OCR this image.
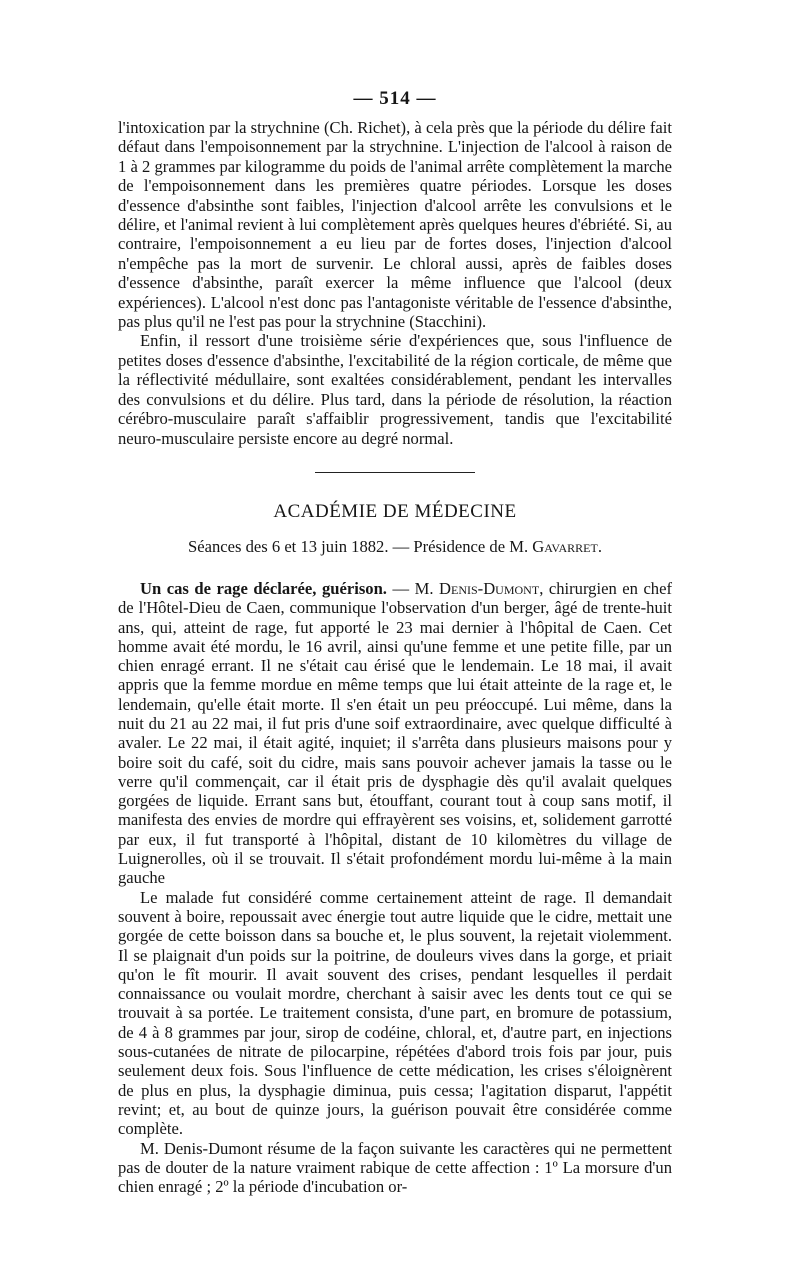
— 514 —

l'intoxication par la strychnine (Ch. Richet), à cela près que la période du délire fait défaut dans l'empoisonnement par la strychnine. L'injection de l'alcool à raison de 1 à 2 grammes par kilogramme du poids de l'animal arrête complètement la marche de l'empoisonnement dans les premières quatre périodes. Lorsque les doses d'essence d'absinthe sont faibles, l'injection d'alcool arrête les convulsions et le délire, et l'animal revient à lui complètement après quelques heures d'ébriété. Si, au contraire, l'empoisonnement a eu lieu par de fortes doses, l'injection d'alcool n'empêche pas la mort de survenir. Le chloral aussi, après de faibles doses d'essence d'absinthe, paraît exercer la même influence que l'alcool (deux expériences). L'alcool n'est donc pas l'antagoniste véritable de l'essence d'absinthe, pas plus qu'il ne l'est pas pour la strychnine (Stacchini).

Enfin, il ressort d'une troisième série d'expériences que, sous l'influence de petites doses d'essence d'absinthe, l'excitabilité de la région corticale, de même que la réflectivité médullaire, sont exaltées considérablement, pendant les intervalles des convulsions et du délire. Plus tard, dans la période de résolution, la réaction cérébro-musculaire paraît s'affaiblir progressivement, tandis que l'excitabilité neuro-musculaire persiste encore au degré normal.

ACADÉMIE DE MÉDECINE
Séances des 6 et 13 juin 1882. — Présidence de M. Gavarret.

Un cas de rage déclarée, guérison. — M. Denis-Dumont, chirurgien en chef de l'Hôtel-Dieu de Caen, communique l'observation d'un berger, âgé de trente-huit ans, qui, atteint de rage, fut apporté le 23 mai dernier à l'hôpital de Caen. Cet homme avait été mordu, le 16 avril, ainsi qu'une femme et une petite fille, par un chien enragé errant. Il ne s'était cau érisé que le lendemain. Le 18 mai, il avait appris que la femme mordue en même temps que lui était atteinte de la rage et, le lendemain, qu'elle était morte. Il s'en était un peu préoccupé. Lui même, dans la nuit du 21 au 22 mai, il fut pris d'une soif extraordinaire, avec quelque difficulté à avaler. Le 22 mai, il était agité, inquiet; il s'arrêta dans plusieurs maisons pour y boire soit du café, soit du cidre, mais sans pouvoir achever jamais la tasse ou le verre qu'il commençait, car il était pris de dysphagie dès qu'il avalait quelques gorgées de liquide. Errant sans but, étouffant, courant tout à coup sans motif, il manifesta des envies de mordre qui effrayèrent ses voisins, et, solidement garrotté par eux, il fut transporté à l'hôpital, distant de 10 kilomètres du village de Luignerolles, où il se trouvait. Il s'était profondément mordu lui-même à la main gauche

Le malade fut considéré comme certainement atteint de rage. Il demandait souvent à boire, repoussait avec énergie tout autre liquide que le cidre, mettait une gorgée de cette boisson dans sa bouche et, le plus souvent, la rejetait violemment. Il se plaignait d'un poids sur la poitrine, de douleurs vives dans la gorge, et priait qu'on le fît mourir. Il avait souvent des crises, pendant lesquelles il perdait connaissance ou voulait mordre, cherchant à saisir avec les dents tout ce qui se trouvait à sa portée. Le traitement consista, d'une part, en bromure de potassium, de 4 à 8 grammes par jour, sirop de codéine, chloral, et, d'autre part, en injections sous-cutanées de nitrate de pilocarpine, répétées d'abord trois fois par jour, puis seulement deux fois. Sous l'influence de cette médication, les crises s'éloignèrent de plus en plus, la dysphagie diminua, puis cessa; l'agitation disparut, l'appétit revint; et, au bout de quinze jours, la guérison pouvait être considérée comme complète.

M. Denis-Dumont résume de la façon suivante les caractères qui ne permettent pas de douter de la nature vraiment rabique de cette affection : 1º La morsure d'un chien enragé ; 2º la période d'incubation or-
